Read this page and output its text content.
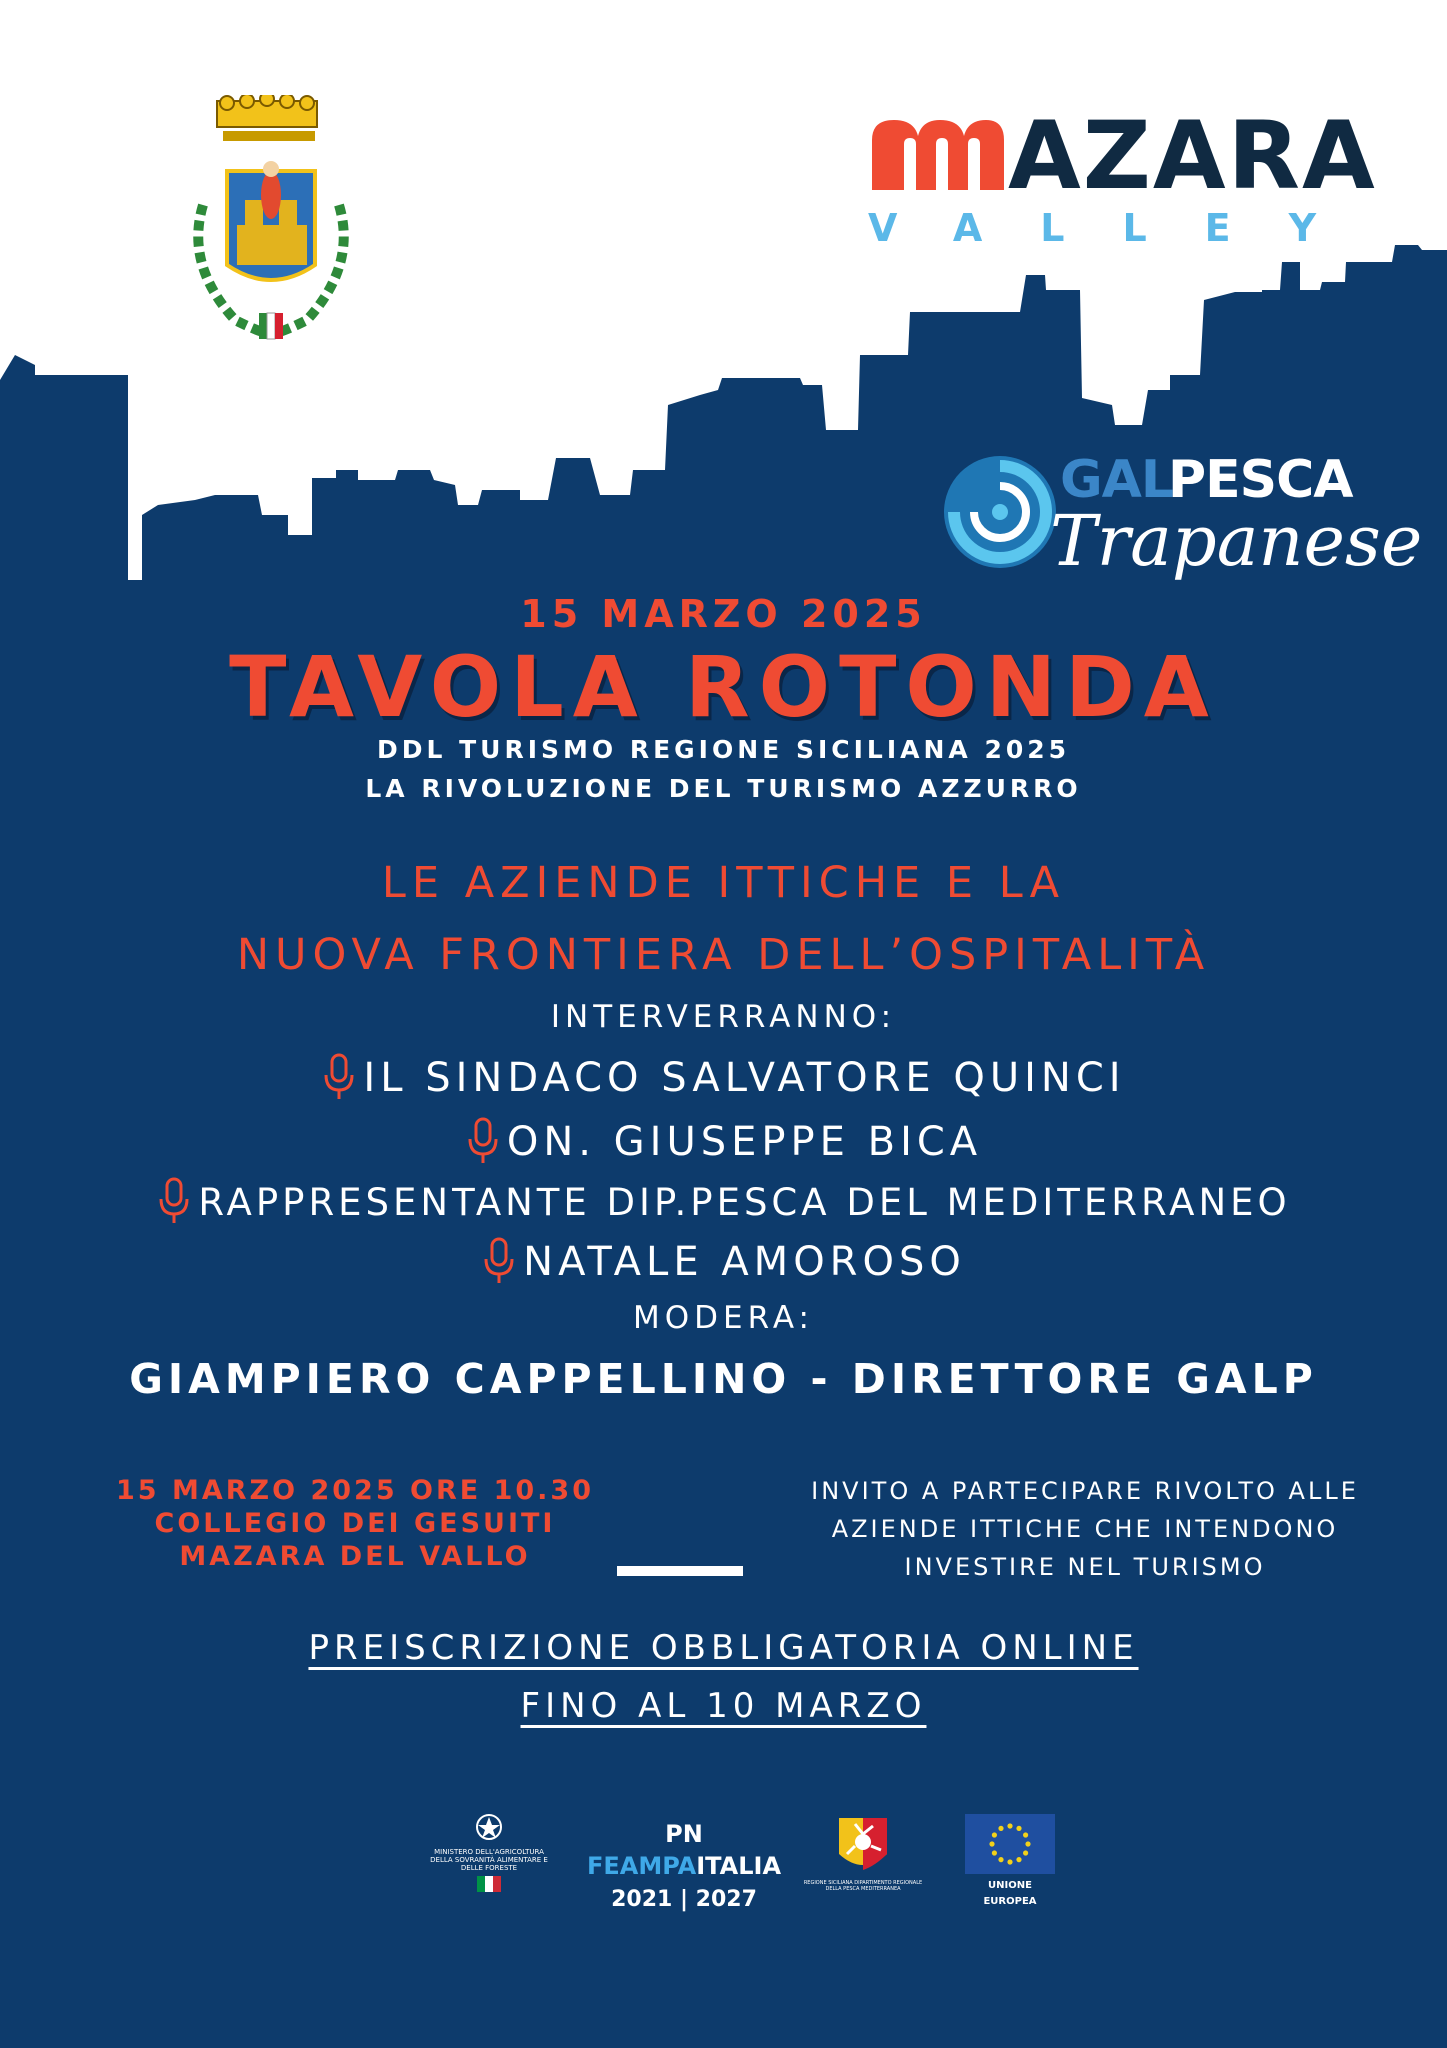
AZARA
VALLEY
GAL
PESCA
Trapanese
15 MARZO 2025
TAVOLA ROTONDA
DDL TURISMO REGIONE SICILIANA 2025
LA RIVOLUZIONE DEL TURISMO AZZURRO
LE AZIENDE ITTICHE E LA
NUOVA FRONTIERA DELL’OSPITALITÀ
INTERVERRANNO:
IL SINDACO SALVATORE QUINCI
ON. GIUSEPPE BICA
RAPPRESENTANTE DIP.PESCA DEL MEDITERRANEO
NATALE AMOROSO
MODERA:
GIAMPIERO CAPPELLINO - DIRETTORE GALP
15 MARZO 2025 ORE 10.30
COLLEGIO DEI GESUITI
MAZARA DEL VALLO
INVITO A PARTECIPARE RIVOLTO ALLE
AZIENDE ITTICHE CHE INTENDONO
INVESTIRE NEL TURISMO
PREISCRIZIONE OBBLIGATORIA ONLINE
FINO AL 10 MARZO
MINISTERO DELL'AGRICOLTURA DELLA SOVRANITÀ ALIMENTARE E DELLE FORESTE
PN FEAMPAITALIA
2021 | 2027
REGIONE SICILIANA DIPARTIMENTO REGIONALE DELLA PESCA MEDITERRANEA	UNIONE EUROPEA
